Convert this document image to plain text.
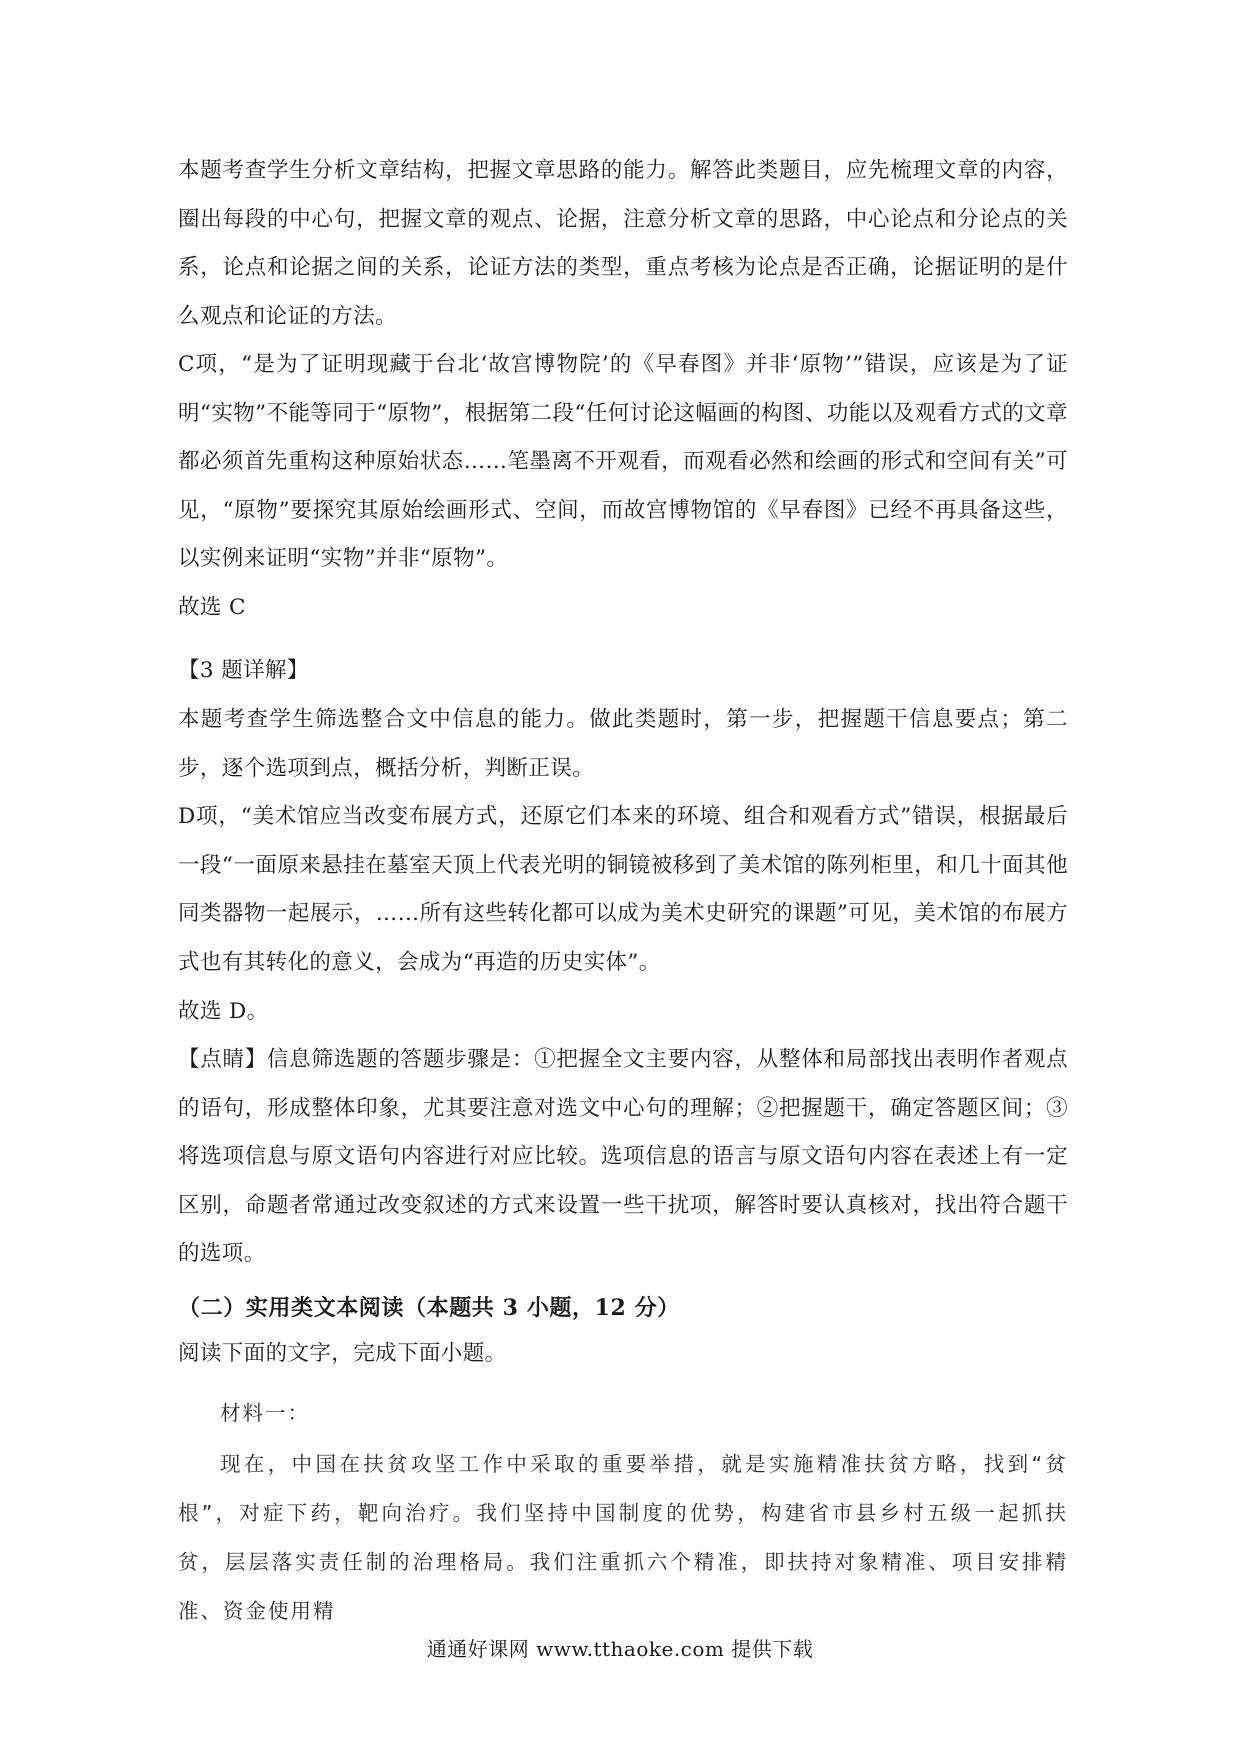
本题考查学生分析文章结构，把握文章思路的能力。解答此类题目，应先梳理文章的内容，圈出每段的中心句，把握文章的观点、论据，注意分析文章的思路，中心论点和分论点的关系，论点和论据之间的关系，论证方法的类型，重点考核为论点是否正确，论据证明的是什么观点和论证的方法。

C项，“是为了证明现藏于台北‘故宫博物院’的《早春图》并非‘原物’”错误，应该是为了证明“实物”不能等同于“原物”，根据第二段“任何讨论这幅画的构图、功能以及观看方式的文章都必须首先重构这种原始状态……笔墨离不开观看，而观看必然和绘画的形式和空间有关”可见，“原物”要探究其原始绘画形式、空间，而故宫博物馆的《早春图》已经不再具备这些，以实例来证明“实物”并非“原物”。

故选 C

【3 题详解】

本题考查学生筛选整合文中信息的能力。做此类题时，第一步，把握题干信息要点；第二步，逐个选项到点，概括分析，判断正误。

D项，“美术馆应当改变布展方式，还原它们本来的环境、组合和观看方式”错误，根据最后一段“一面原来悬挂在墓室天顶上代表光明的铜镜被移到了美术馆的陈列柜里，和几十面其他同类器物一起展示，……所有这些转化都可以成为美术史研究的课题”可见，美术馆的布展方式也有其转化的意义，会成为“再造的历史实体”。

故选 D。

【点睛】信息筛选题的答题步骤是：①把握全文主要内容，从整体和局部找出表明作者观点的语句，形成整体印象，尤其要注意对选文中心句的理解；②把握题干，确定答题区间；③将选项信息与原文语句内容进行对应比较。选项信息的语言与原文语句内容在表述上有一定区别，命题者常通过改变叙述的方式来设置一些干扰项，解答时要认真核对，找出符合题干的选项。

（二）实用类文本阅读（本题共 3 小题，12 分）

阅读下面的文字，完成下面小题。

材料一：

现在，中国在扶贫攻坚工作中采取的重要举措，就是实施精准扶贫方略，找到“贫根”，对症下药，靶向治疗。我们坚持中国制度的优势，构建省市县乡村五级一起抓扶贫，层层落实责任制的治理格局。我们注重抓六个精准，即扶持对象精准、项目安排精准、资金使用精

通通好课网 www.tthaoke.com 提供下载
